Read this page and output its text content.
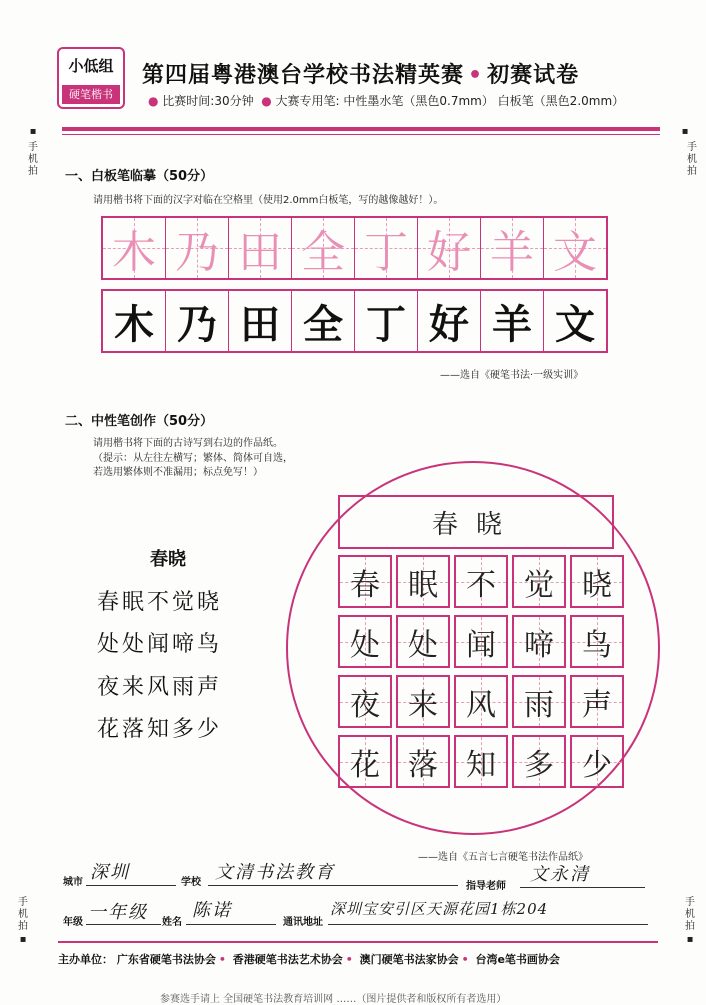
小低组
硬笔楷书
第四届粤港澳台学校书法精英赛 • 初赛试卷
● 比赛时间:30分钟  ● 大赛专用笔: 中性墨水笔（黑色0.7mm） 白板笔（黑色2.0mm）
▪
手机拍
▪
手机拍
手机拍
▪
手机拍
▪
一、白板笔临摹（50分）
请用楷书将下面的汉字对临在空格里（使用2.0mm白板笔，写的越像越好！）。
木 乃 田 全 丁 好 羊 文
木 乃 田 全 丁 好 羊 文
——选自《硬笔书法·一级实训》
二、中性笔创作（50分）
请用楷书将下面的古诗写到右边的作品纸。
（提示：从左往左横写；繁体、简体可自选，
若选用繁体则不准漏用；标点免写！）
春晓
春眠不觉晓
处处闻啼鸟
夜来风雨声
花落知多少
春晓
春 眠 不 觉 晓
处 处 闻 啼 鸟
夜 来 风 雨 声
花 落 知 多 少
——选自《五言七言硬笔书法作品纸》
城市 深圳	学校 文清书法教育
指导老师
文永清
年级 一年级 姓名
陈诺
通讯地址
深圳宝安引区天源花园1栋204
主办单位： 广东省硬笔书法协会 • 香港硬笔书法艺术协会 • 澳门硬笔书法家协会 • 台湾e笔书画协会
参赛选手请上 全国硬笔书法教育培训网 ……（图片提供者和版权所有者选用）
